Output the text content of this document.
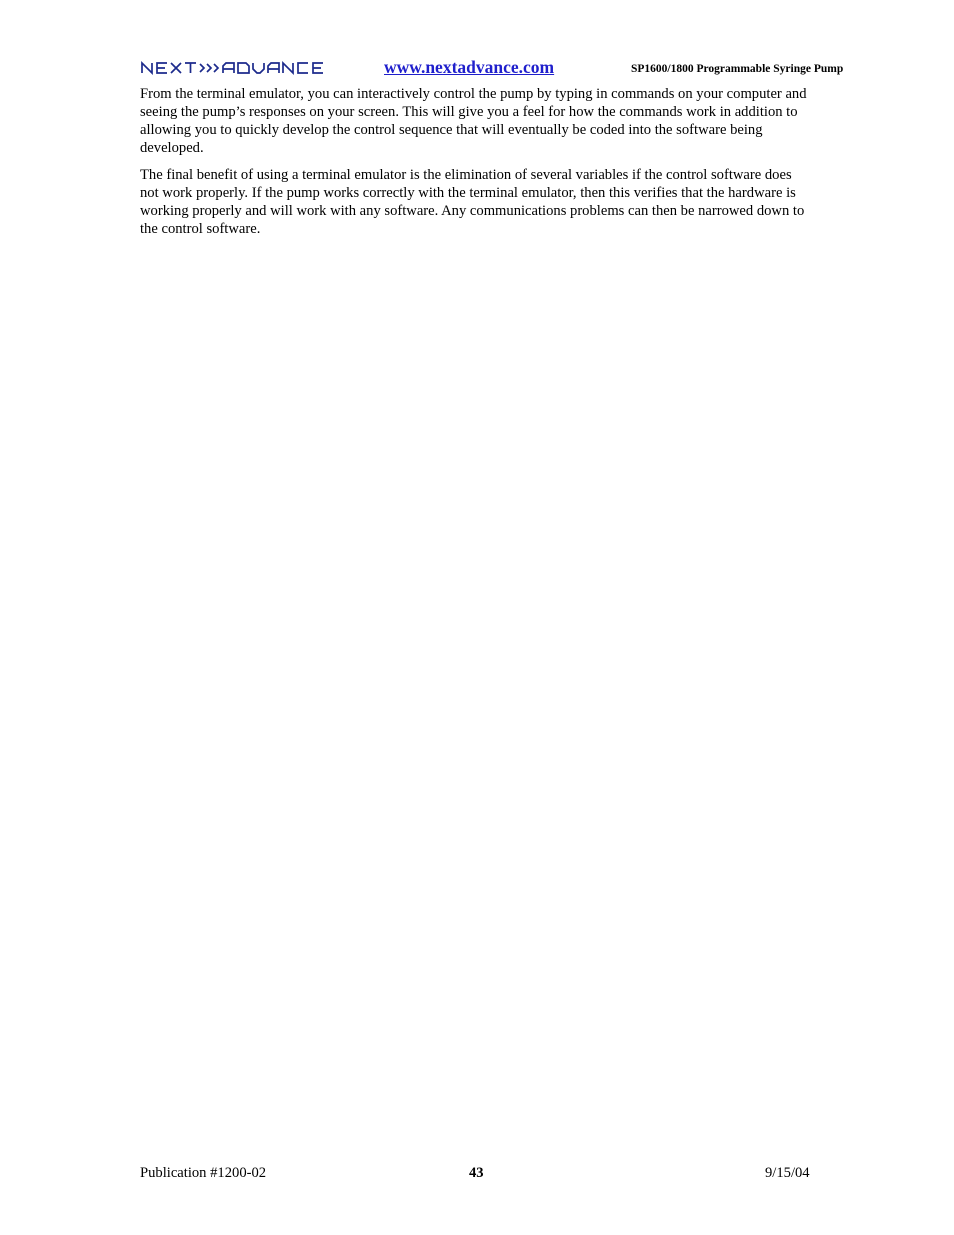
www.nextadvance.com	SP1600/1800 Programmable Syringe Pump

From the terminal emulator, you can interactively control the pump by typing in commands on your computer and seeing the pump’s responses on your screen. This will give you a feel for how the commands work in addition to allowing you to quickly develop the control sequence that will eventually be coded into the software being developed.

The final benefit of using a terminal emulator is the elimination of several variables if the control software does not work properly. If the pump works correctly with the terminal emulator, then this verifies that the hardware is working properly and will work with any software. Any communications problems can then be narrowed down to the control software.

Publication #1200-02	43	9/15/04
